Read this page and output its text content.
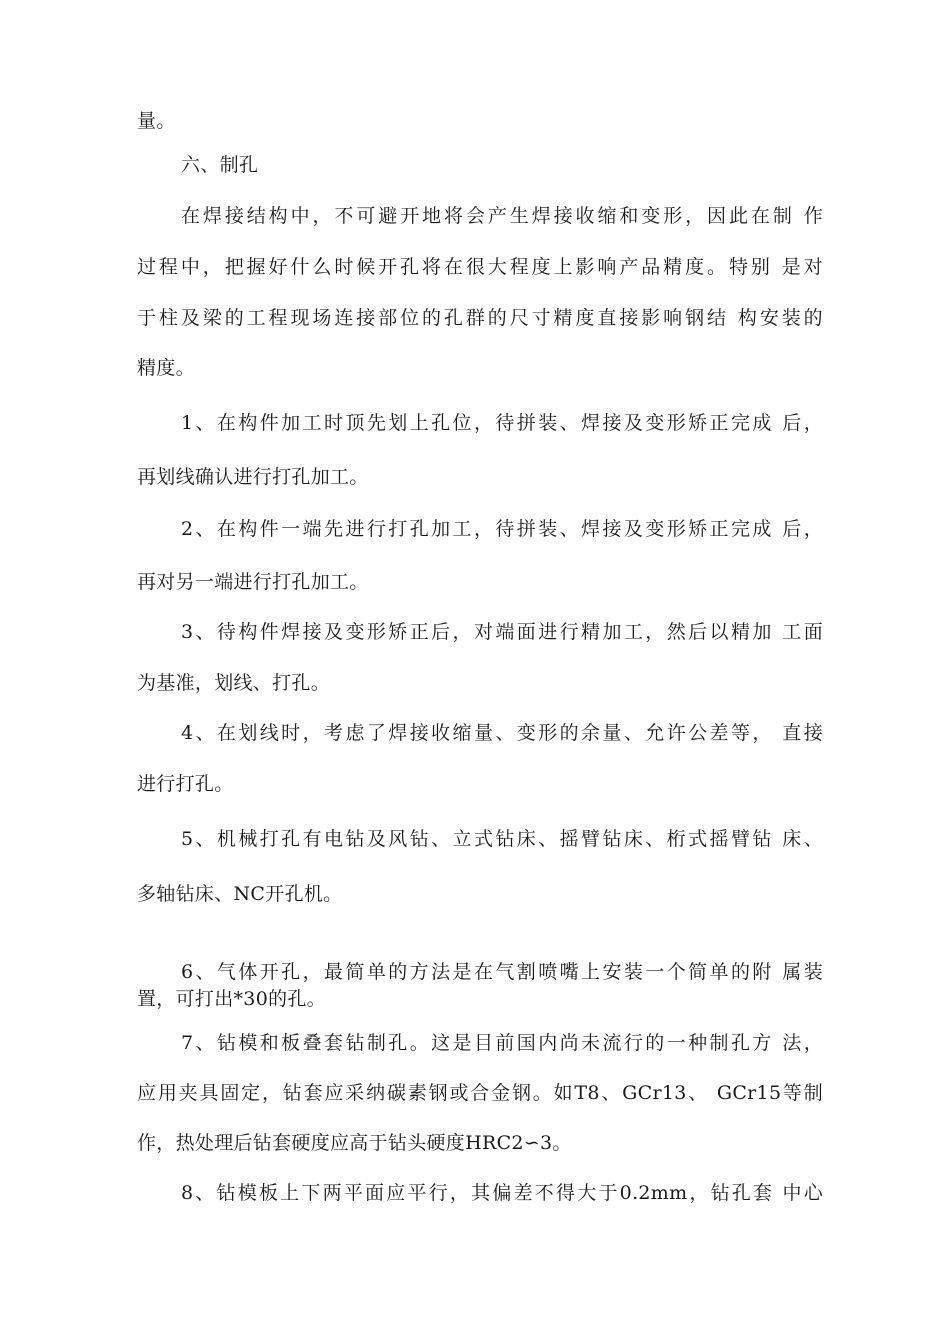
量。
六、制孔
在焊接结构中，不可避开地将会产生焊接收缩和变形，因此在制 作
过程中，把握好什么时候开孔将在很大程度上影响产品精度。特别 是对
于柱及梁的工程现场连接部位的孔群的尺寸精度直接影响钢结 构安装的
精度。
1、在构件加工时顶先划上孔位，待拼装、焊接及变形矫正完成 后，
再划线确认进行打孔加工。
2、在构件一端先进行打孔加工，待拼装、焊接及变形矫正完成 后，
再对另一端进行打孔加工。
3、待构件焊接及变形矫正后，对端面进行精加工，然后以精加 工面
为基准，划线、打孔。
4、在划线时，考虑了焊接收缩量、变形的余量、允许公差等， 直接
进行打孔。
5、机械打孔有电钻及风钻、立式钻床、摇臂钻床、桁式摇臂钻 床、
多轴钻床、NC开孔机。
6、气体开孔，最简单的方法是在气割喷嘴上安装一个简单的附 属装
置，可打出*30的孔。
7、钻模和板叠套钻制孔。这是目前国内尚未流行的一种制孔方 法，
应用夹具固定，钻套应采纳碳素钢或合金钢。如T8、GCr13、 GCr15等制
作，热处理后钻套硬度应高于钻头硬度HRC2∽3。
8、钻模板上下两平面应平行，其偏差不得大于0.2mm，钻孔套 中心
